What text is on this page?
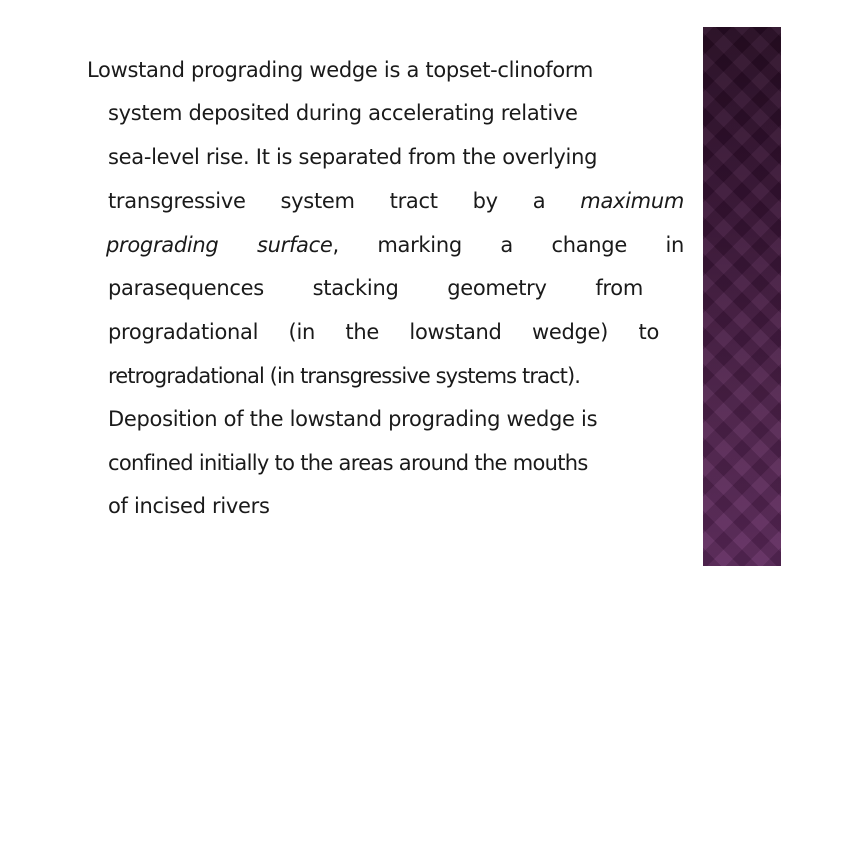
Lowstand prograding wedge is a topset-clinoform
system deposited during accelerating relative
sea-level rise. It is separated from the overlying
transgressive system tract by a maximum
prograding surface, marking a change in
parasequences stacking geometry from
progradational (in the lowstand wedge) to
retrogradational (in transgressive systems tract).
Deposition of the lowstand prograding wedge is
confined initially to the areas around the mouths
of incised rivers
